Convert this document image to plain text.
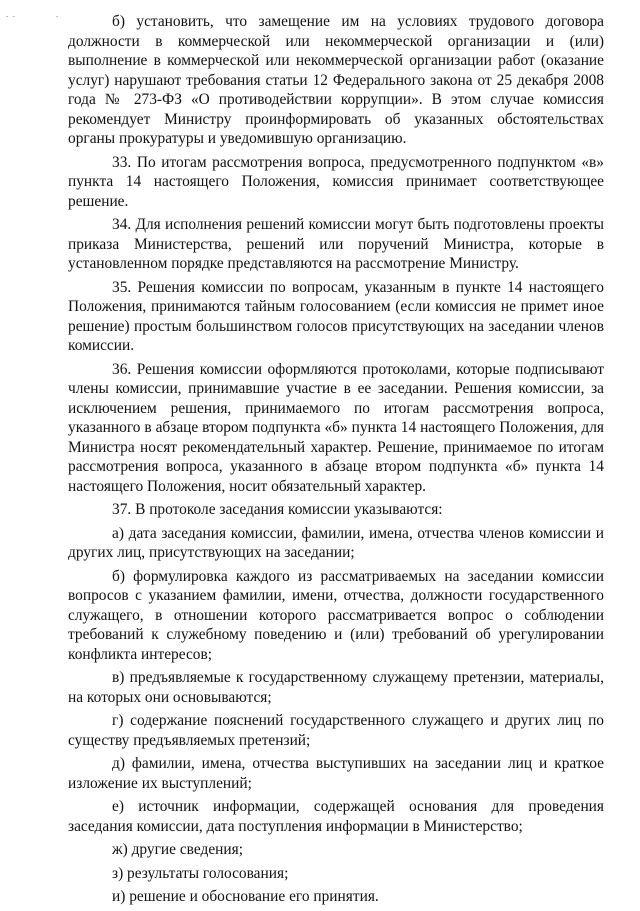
.  .	.	б) установить, что замещение им на условиях трудового договора должности в коммерческой или некоммерческой организации и (или) выполнение в коммерческой или некоммерческой организации работ (оказание услуг) нарушают требования статьи 12 Федерального закона от 25 декабря 2008 года № 273-ФЗ «О противодействии коррупции». В этом случае комиссия рекомендует Министру проинформировать об указанных обстоятельствах органы прокуратуры и уведомившую организацию.

33. По итогам рассмотрения вопроса, предусмотренного подпунктом «в» пункта 14 настоящего Положения, комиссия принимает соответствующее решение.

34. Для исполнения решений комиссии могут быть подготовлены проекты приказа Министерства, решений или поручений Министра, которые в установленном порядке представляются на рассмотрение Министру.

35. Решения комиссии по вопросам, указанным в пункте 14 настоящего Положения, принимаются тайным голосованием (если комиссия не примет иное решение) простым большинством голосов присутствующих на заседании членов комиссии.

36. Решения комиссии оформляются протоколами, которые подписывают члены комиссии, принимавшие участие в ее заседании. Решения комиссии, за исключением решения, принимаемого по итогам рассмотрения вопроса, указанного в абзаце втором подпункта «б» пункта 14 настоящего Положения, для Министра носят рекомендательный характер. Решение, принимаемое по итогам рассмотрения вопроса, указанного в абзаце втором подпункта «б» пункта 14 настоящего Положения, носит обязательный характер.

37. В протоколе заседания комиссии указываются:

а) дата заседания комиссии, фамилии, имена, отчества членов комиссии и других лиц, присутствующих на заседании;

б) формулировка каждого из рассматриваемых на заседании комиссии вопросов с указанием фамилии, имени, отчества, должности государственного служащего, в отношении которого рассматривается вопрос о соблюдении требований к служебному поведению и (или) требований об урегулировании конфликта интересов;

в) предъявляемые к государственному служащему претензии, материалы, на которых они основываются;

г) содержание пояснений государственного служащего и других лиц по существу предъявляемых претензий;

д) фамилии, имена, отчества выступивших на заседании лиц и краткое изложение их выступлений;

е) источник информации, содержащей основания для проведения заседания комиссии, дата поступления информации в Министерство;

ж) другие сведения;

з) результаты голосования;

и) решение и обоснование его принятия.
